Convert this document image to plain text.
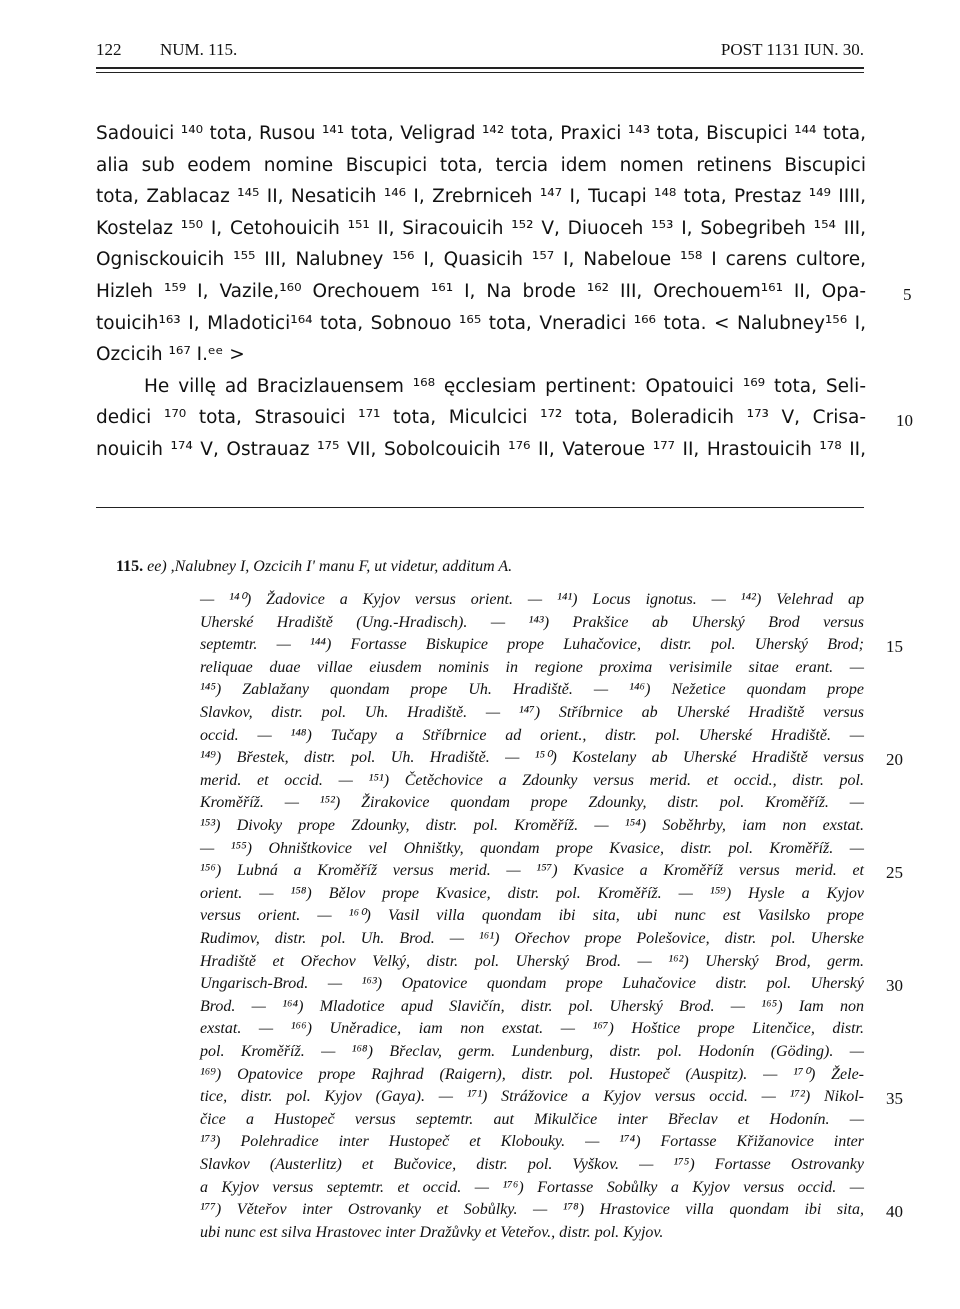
122 NUM. 115.	POST 1131 IUN. 30.
Sadouici ¹⁴⁰ tota, Rusou ¹⁴¹ tota, Veligrad ¹⁴² tota, Praxici ¹⁴³ tota, Biscupici ¹⁴⁴ tota,
alia sub eodem nomine Biscupici tota, tercia idem nomen retinens Biscupici
tota, Zablacaz ¹⁴⁵ II, Nesaticih ¹⁴⁶ I, Zrebrniceh ¹⁴⁷ I, Tucapi ¹⁴⁸ tota, Prestaz ¹⁴⁹ IIII,
Kostelaz ¹⁵⁰ I, Cetohouicih ¹⁵¹ II, Siracouicih ¹⁵² V, Diuoceh ¹⁵³ I, Sobegribeh ¹⁵⁴ III,
Ognisckouicih ¹⁵⁵ III, Nalubney ¹⁵⁶ I, Quasicih ¹⁵⁷ I, Nabeloue ¹⁵⁸ I carens cultore,
Hizleh ¹⁵⁹ I, Vazile,¹⁶⁰ Orechouem ¹⁶¹ I, Na brode ¹⁶² III, Orechouem¹⁶¹ II, Opa-
touicih¹⁶³ I, Mladotici¹⁶⁴ tota, Sobnouo ¹⁶⁵ tota, Vneradici ¹⁶⁶ tota. < Nalubney¹⁵⁶ I,
Ozcicih ¹⁶⁷ I.ᵉᵉ >
He villę ad Bracizlauensem ¹⁶⁸ ęcclesiam pertinent: Opatouici ¹⁶⁹ tota, Seli-
dedici ¹⁷⁰ tota, Strasouici ¹⁷¹ tota, Miculcici ¹⁷² tota, Boleradicih ¹⁷³ V, Crisa-
nouicih ¹⁷⁴ V, Ostrauaz ¹⁷⁵ VII, Sobolcouicih ¹⁷⁶ II, Vateroue ¹⁷⁷ II, Hrastouicih ¹⁷⁸ II,
115. ee) ,Nalubney I, Ozcicih I' manu F, ut videtur, additum A.
— ¹⁴⁰) Žadovice a Kyjov versus orient. — ¹⁴¹) Locus ignotus. — ¹⁴²) Velehrad ap
Uherské Hradiště (Ung.-Hradisch). — ¹⁴³) Prakšice ab Uherský Brod versus
septemtr. — ¹⁴⁴) Fortasse Biskupice prope Luhačovice, distr. pol. Uherský Brod;
reliquae duae villae eiusdem nominis in regione proxima verisimile sitae erant. —
¹⁴⁵) Zablažany quondam prope Uh. Hradiště. — ¹⁴⁶) Nežetice quondam prope
Slavkov, distr. pol. Uh. Hradiště. — ¹⁴⁷) Stříbrnice ab Uherské Hradiště versus
occid. — ¹⁴⁸) Tučapy a Stříbrnice ad orient., distr. pol. Uherské Hradiště. —
¹⁴⁹) Břestek, distr. pol. Uh. Hradiště. — ¹⁵⁰) Kostelany ab Uherské Hradiště versus
merid. et occid. — ¹⁵¹) Četěchovice a Zdounky versus merid. et occid., distr. pol.
Kroměříž. — ¹⁵²) Žirakovice quondam prope Zdounky, distr. pol. Kroměříž. —
¹⁵³) Divoky prope Zdounky, distr. pol. Kroměříž. — ¹⁵⁴) Soběhrby, iam non exstat.
— ¹⁵⁵) Ohništkovice vel Ohništky, quondam prope Kvasice, distr. pol. Kroměříž. —
¹⁵⁶) Lubná a Kroměříž versus merid. — ¹⁵⁷) Kvasice a Kroměříž versus merid. et
orient. — ¹⁵⁸) Bělov prope Kvasice, distr. pol. Kroměříž. — ¹⁵⁹) Hysle a Kyjov
versus orient. — ¹⁶⁰) Vasil villa quondam ibi sita, ubi nunc est Vasilsko prope
Rudimov, distr. pol. Uh. Brod. — ¹⁶¹) Ořechov prope Polešovice, distr. pol. Uherske
Hradiště et Ořechov Velký, distr. pol. Uherský Brod. — ¹⁶²) Uherský Brod, germ.
Ungarisch-Brod. — ¹⁶³) Opatovice quondam prope Luhačovice distr. pol. Uherský
Brod. — ¹⁶⁴) Mladotice apud Slavičín, distr. pol. Uherský Brod. — ¹⁶⁵) Iam non
exstat. — ¹⁶⁶) Uněradice, iam non exstat. — ¹⁶⁷) Hoštice prope Litenčice, distr.
pol. Kroměříž. — ¹⁶⁸) Břeclav, germ. Lundenburg, distr. pol. Hodonín (Göding). —
¹⁶⁹) Opatovice prope Rajhrad (Raigern), distr. pol. Hustopeč (Auspitz). — ¹⁷⁰) Žele-
tice, distr. pol. Kyjov (Gaya). — ¹⁷¹) Strážovice a Kyjov versus occid. — ¹⁷²) Nikol-
čice a Hustopeč versus septemtr. aut Mikulčice inter Břeclav et Hodonín. —
¹⁷³) Polehradice inter Hustopeč et Klobouky. — ¹⁷⁴) Fortasse Křižanovice inter
Slavkov (Austerlitz) et Bučovice, distr. pol. Vyškov. — ¹⁷⁵) Fortasse Ostrovanky
a Kyjov versus septemtr. et occid. — ¹⁷⁶) Fortasse Sobůlky a Kyjov versus occid. —
¹⁷⁷) Věteřov inter Ostrovanky et Sobůlky. — ¹⁷⁸) Hrastovice villa quondam ibi sita,
ubi nunc est silva Hrastovec inter Dražůvky et Veteřov., distr. pol. Kyjov.
5
10
15
20
25
30
35
40
